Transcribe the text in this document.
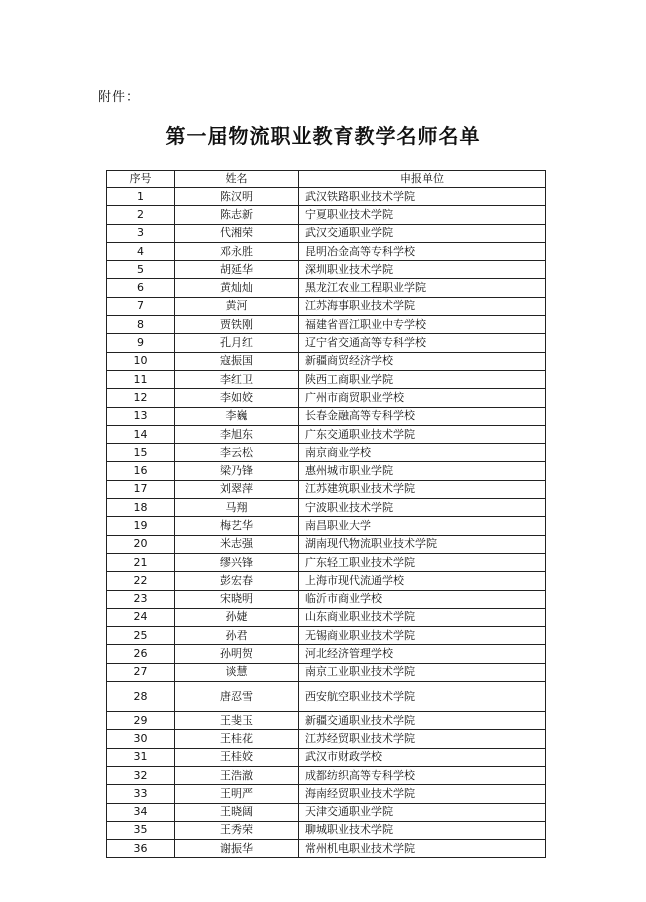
附件：
第一届物流职业教育教学名师名单
序号	姓名	申报单位
1	陈汉明	武汉铁路职业技术学院
2	陈志新	宁夏职业技术学院
3	代湘荣	武汉交通职业学院
4	邓永胜	昆明冶金高等专科学校
5	胡延华	深圳职业技术学院
6	黄灿灿	黑龙江农业工程职业学院
7	黄河	江苏海事职业技术学院
8	贾铁刚	福建省晋江职业中专学校
9	孔月红	辽宁省交通高等专科学校
10	寇振国	新疆商贸经济学校
11	李红卫	陕西工商职业学院
12	李如姣	广州市商贸职业学校
13	李巍	长春金融高等专科学校
14	李旭东	广东交通职业技术学院
15	李云松	南京商业学校
16	梁乃锋	惠州城市职业学院
17	刘翠萍	江苏建筑职业技术学院
18	马翔	宁波职业技术学院
19	梅艺华	南昌职业大学
20	米志强	湖南现代物流职业技术学院
21	缪兴锋	广东轻工职业技术学院
22	彭宏春	上海市现代流通学校
23	宋晓明	临沂市商业学校
24	孙婕	山东商业职业技术学院
25	孙君	无锡商业职业技术学院
26	孙明贺	河北经济管理学校
27	谈慧	南京工业职业技术学院
28	唐忍雪	西安航空职业技术学院
29	王斐玉	新疆交通职业技术学院
30	王桂花	江苏经贸职业技术学院
31	王桂姣	武汉市财政学校
32	王浩澈	成都纺织高等专科学校
33	王明严	海南经贸职业技术学院
34	王晓阔	天津交通职业学院
35	王秀荣	聊城职业技术学院
36	谢振华	常州机电职业技术学院
